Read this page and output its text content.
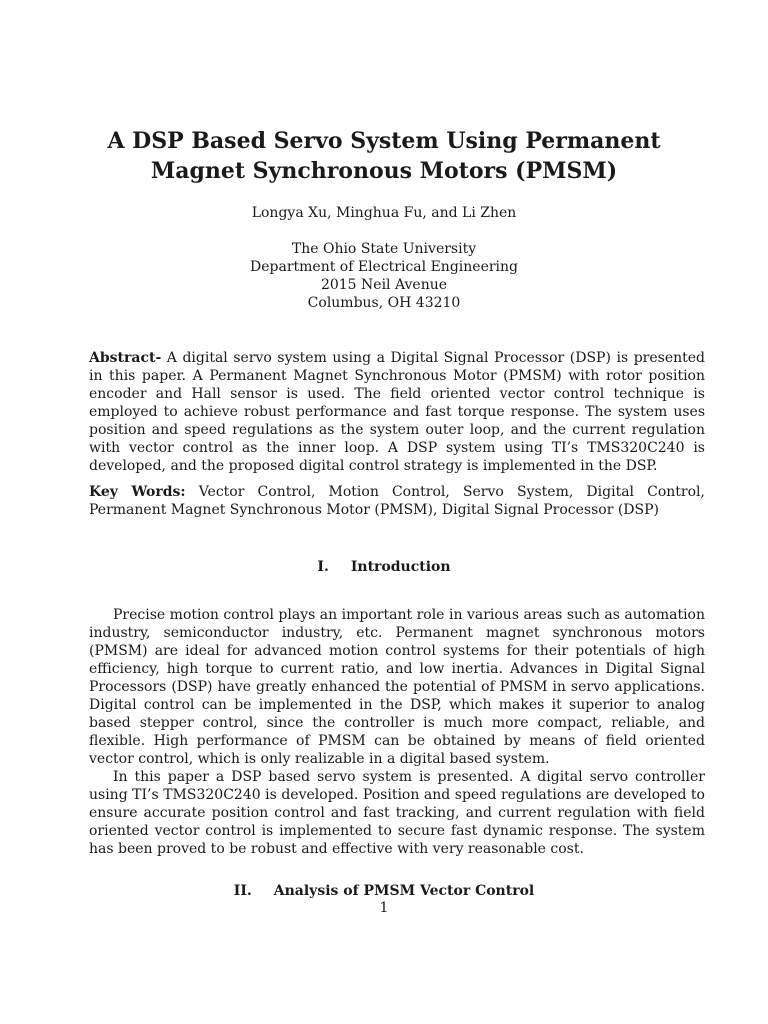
A DSP Based Servo System Using Permanent Magnet Synchronous Motors (PMSM)
Longya Xu, Minghua Fu, and Li Zhen
The Ohio State University
Department of Electrical Engineering
2015 Neil Avenue
Columbus, OH 43210

Abstract- A digital servo system using a Digital Signal Processor (DSP) is presented in this paper. A Permanent Magnet Synchronous Motor (PMSM) with rotor position encoder and Hall sensor is used. The field oriented vector control technique is employed to achieve robust performance and fast torque response. The system uses position and speed regulations as the system outer loop, and the current regulation with vector control as the inner loop. A DSP system using TI’s TMS320C240 is developed, and the proposed digital control strategy is implemented in the DSP.

Key Words: Vector Control, Motion Control, Servo System, Digital Control, Permanent Magnet Synchronous Motor (PMSM), Digital Signal Processor (DSP)

I. Introduction

Precise motion control plays an important role in various areas such as automation industry, semiconductor industry, etc. Permanent magnet synchronous motors (PMSM) are ideal for advanced motion control systems for their potentials of high efficiency, high torque to current ratio, and low inertia. Advances in Digital Signal Processors (DSP) have greatly enhanced the potential of PMSM in servo applications. Digital control can be implemented in the DSP, which makes it superior to analog based stepper control, since the controller is much more compact, reliable, and flexible. High performance of PMSM can be obtained by means of field oriented vector control, which is only realizable in a digital based system.

In this paper a DSP based servo system is presented. A digital servo controller using TI’s TMS320C240 is developed. Position and speed regulations are developed to ensure accurate position control and fast tracking, and current regulation with field oriented vector control is implemented to secure fast dynamic response. The system has been proved to be robust and effective with very reasonable cost.

II. Analysis of PMSM Vector Control
1
